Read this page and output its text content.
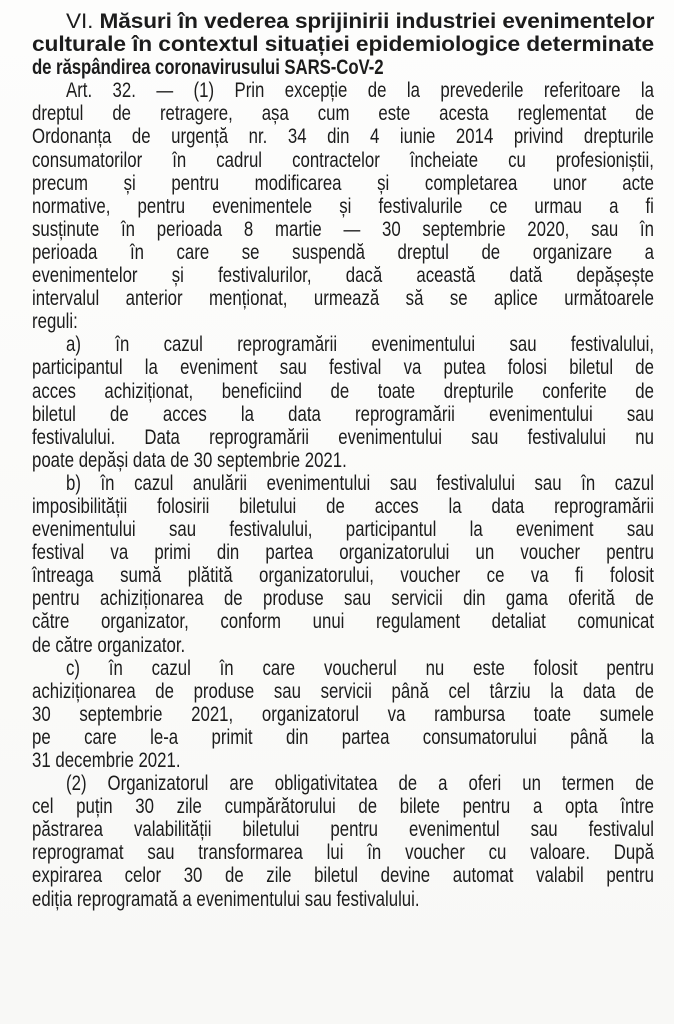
VI. Măsuri în vederea sprijinirii industriei evenimentelor
culturale în contextul situației epidemiologice determinate
de răspândirea coronavirusului SARS-CoV-2
Art. 32. — (1) Prin excepție de la prevederile referitoare la
dreptul de retragere, așa cum este acesta reglementat de
Ordonanța de urgență nr. 34 din 4 iunie 2014 privind drepturile
consumatorilor în cadrul contractelor încheiate cu profesioniștii,
precum și pentru modificarea și completarea unor acte
normative, pentru evenimentele și festivalurile ce urmau a fi
susținute în perioada 8 martie — 30 septembrie 2020, sau în
perioada în care se suspendă dreptul de organizare a
evenimentelor și festivalurilor, dacă această dată depășește
intervalul anterior menționat, urmează să se aplice următoarele
reguli:
a) în cazul reprogramării evenimentului sau festivalului,
participantul la eveniment sau festival va putea folosi biletul de
acces achiziționat, beneficiind de toate drepturile conferite de
biletul de acces la data reprogramării evenimentului sau
festivalului. Data reprogramării evenimentului sau festivalului nu
poate depăși data de 30 septembrie 2021.
b) în cazul anulării evenimentului sau festivalului sau în cazul
imposibilității folosirii biletului de acces la data reprogramării
evenimentului sau festivalului, participantul la eveniment sau
festival va primi din partea organizatorului un voucher pentru
întreaga sumă plătită organizatorului, voucher ce va fi folosit
pentru achiziționarea de produse sau servicii din gama oferită de
către organizator, conform unui regulament detaliat comunicat
de către organizator.
c) în cazul în care voucherul nu este folosit pentru
achiziționarea de produse sau servicii până cel târziu la data de
30 septembrie 2021, organizatorul va rambursa toate sumele
pe care le-a primit din partea consumatorului până la
31 decembrie 2021.
(2) Organizatorul are obligativitatea de a oferi un termen de
cel puțin 30 zile cumpărătorului de bilete pentru a opta între
păstrarea valabilității biletului pentru evenimentul sau festivalul
reprogramat sau transformarea lui în voucher cu valoare. După
expirarea celor 30 de zile biletul devine automat valabil pentru
ediția reprogramată a evenimentului sau festivalului.
